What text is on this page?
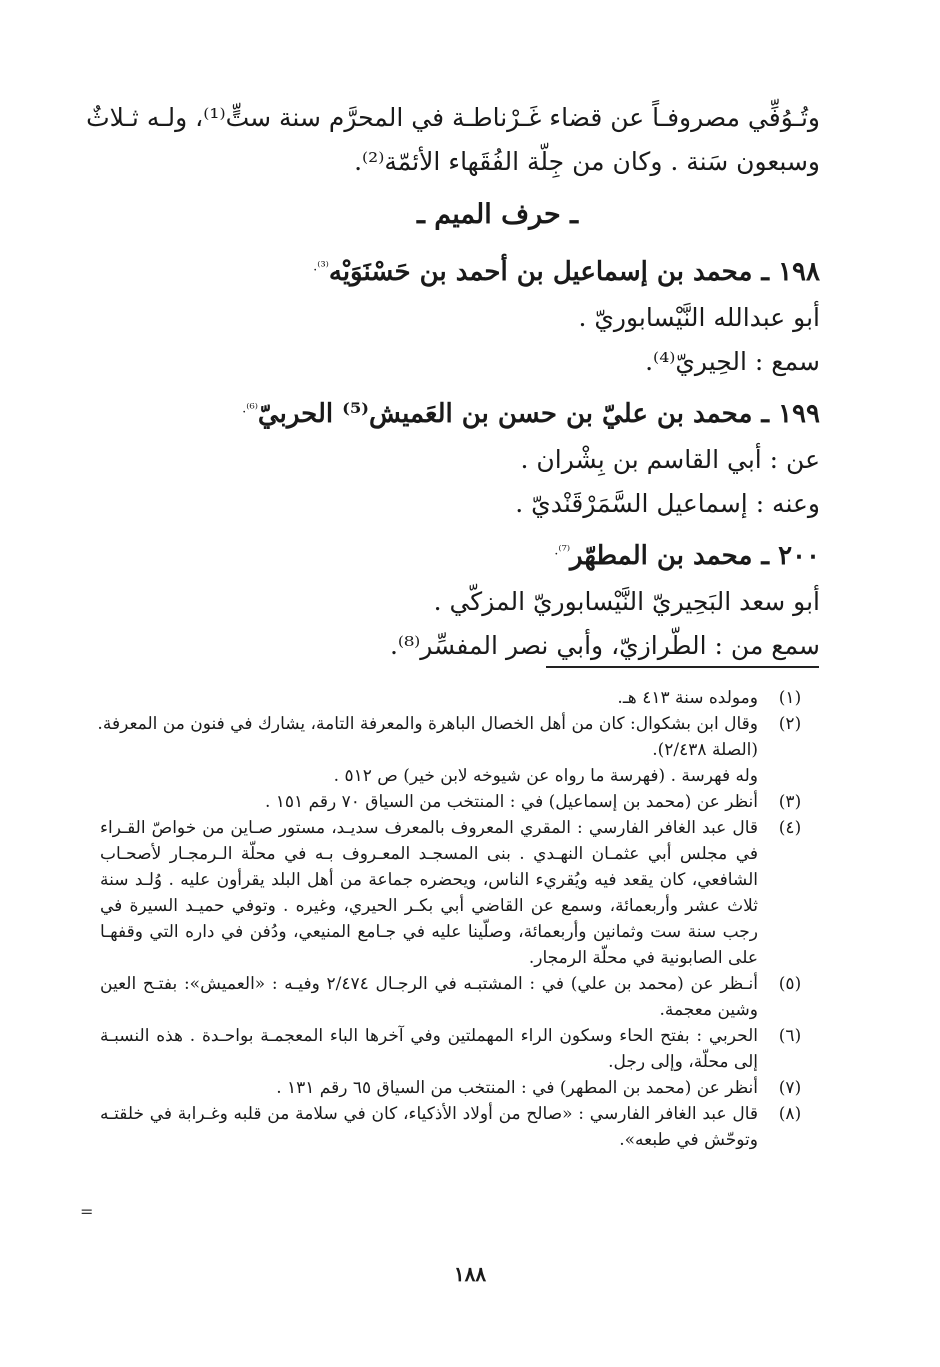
وتُـوُفِّي مصروفـاً عن قضاء غَـرْناطـة في المحرَّم سنة ستٍّ⁽¹⁾، ولـه ثـلاثٌ
وسبعون سَنة . وكان من جِلّة الفُقَهاء الأئمّة⁽²⁾.
ـ حرف الميم ـ
١٩٨ ـ محمد بن إسماعيل بن أحمد بن حَسْنَوَيْه$^{^{(3)}.}$
أبو عبدالله النَّيْسابوريّ .
سمع : الحِيريّ⁽⁴⁾.
١٩٩ ـ محمد بن عليّ بن حسن بن العَميش⁽⁵⁾ الحربيّ$^{^{(6)}.}$
عن : أبي القاسم بن بِشْران .
وعنه : إسماعيل السَّمَرْقَنْديّ .
٢٠٠ ـ محمد بن المطهّر$^{^{(7)}.}$
أبو سعد البَحِيريّ النَّيْسابوريّ المزكّي .
سمع من : الطّرازيّ، وأبي نصر المفسِّر⁽⁸⁾.
(١)
ومولده سنة ٤١٣ هـ.
(٢)
وقال ابن بشكوال: كان من أهل الخصال الباهرة والمعرفة التامة، يشارك في فنون من المعرفة.
(الصلة ٢/٤٣٨).
وله فهرسة . (فهرسة ما رواه عن شيوخه لابن خير) ص ٥١٢ .
(٣)
أنظر عن (محمد بن إسماعيل) في : المنتخب من السياق ٧٠ رقم ١٥١ .
(٤)
قال عبد الغافر الفارسي : المقري المعروف بالمعرف سديـد، مستور صـاين من خواصّ القـراء
في مجلس أبي عثمـان النهـدي . بنى المسجـد المعـروف بـه في محلّة الـرمجـار لأصحـاب
الشافعي، كان يقعد فيه ويُقريء الناس، ويحضره جماعة من أهل البلد يقرأون عليه . وُلـد سنة
ثلاث عشر وأربعمائة، وسمع عن القاضي أبي بكـر الحيري، وغيره . وتوفي حميـد السيرة في
رجب سنة ست وثمانين وأربعمائة، وصلّينا عليه في جـامع المنيعي، ودُفن في داره التي وقفهـا
على الصابونية في محلّة الرمجار.
(٥)
أنـظر عن (محمد بن علي) في : المشتبـه في الرجـال ٢/٤٧٤ وفيـه : «العميش»: بفتـح العين
وشين معجمة.
(٦)
الحربي : بفتح الحاء وسكون الراء المهملتين وفي آخرها الباء المعجمـة بواحـدة . هذه النسبـة
إلى محلّة، وإلى رجل.
(٧)
أنظر عن (محمد بن المطهر) في : المنتخب من السياق ٦٥ رقم ١٣١ .
(٨)
قال عبد الغافر الفارسي : «صالح من أولاد الأذكياء، كان في سلامة من قلبه وغـرابة في خلقتـه
وتوحّش في طبعه».
=
١٨٨
